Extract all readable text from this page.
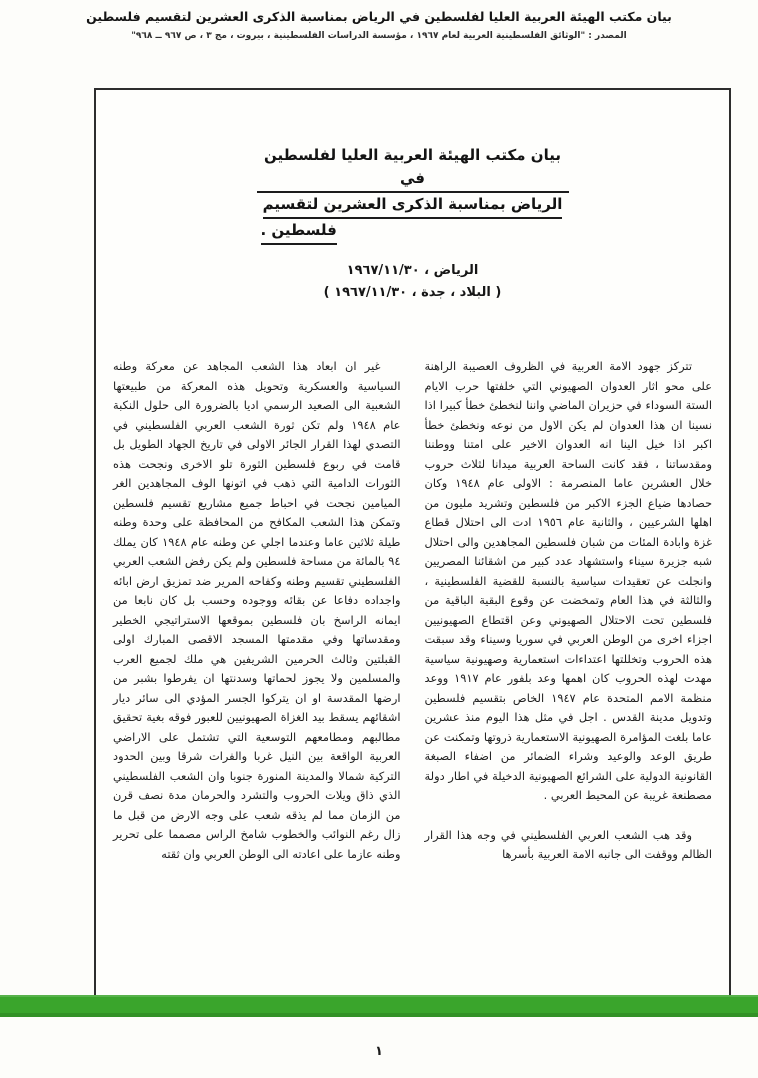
بيان مكتب الهيئة العربية العليا لفلسطين في الرياض بمناسبة الذكرى العشرين لتقسيم فلسطين
المصدر : "الوثائق الفلسطينية العربية لعام ١٩٦٧ ، مؤسسة الدراسات الفلسطينية ، بيروت ، مج ٣ ، ص ٩٦٧ ــ ٩٦٨"
بيان مكتب الهيئة العربية العليا لفلسطين في
الرياض بمناسبة الذكرى العشرين لتقسيم
فلسطين .
الرياض ، ١٩٦٧/١١/٣٠
( البلاد ، جدة ، ١٩٦٧/١١/٣٠ )

تتركز جهود الامة العربية في الظروف العصيبة الراهنة على محو اثار العدوان الصهيوني التي خلفتها حرب الايام الستة السوداء في حزيران الماضي واننا لنخطئ خطأ كبيرا اذا نسينا ان هذا العدوان لم يكن الاول من نوعه ونخطئ خطأ اكبر اذا خيل الينا انه العدوان الاخير على امتنا ووطننا ومقدساتنا ، فقد كانت الساحة العربية ميدانا لثلاث حروب خلال العشرين عاما المنصرمة : الاولى عام ١٩٤٨ وكان حصادها ضياع الجزء الاكبر من فلسطين وتشريد مليون من اهلها الشرعيين ، والثانية عام ١٩٥٦ ادت الى احتلال قطاع غزة وابادة المئات من شبان فلسطين المجاهدين والى احتلال شبه جزيرة سيناء واستشهاد عدد كبير من اشقائنا المصريين وانجلت عن تعقيدات سياسية بالنسبة للقضية الفلسطينية ، والثالثة في هذا العام وتمخضت عن وقوع البقية الباقية من فلسطين تحت الاحتلال الصهيوني وعن اقتطاع الصهيونيين اجزاء اخرى من الوطن العربي في سوريا وسيناء وقد سبقت هذه الحروب وتخللتها اعتداءات استعمارية وصهيونية سياسية مهدت لهذه الحروب كان اهمها وعد بلفور عام ١٩١٧ ووعد منظمة الامم المتحدة عام ١٩٤٧ الخاص بتقسيم فلسطين وتدويل مدينة القدس . اجل في مثل هذا اليوم منذ عشرين عاما بلغت المؤامرة الصهيونية الاستعمارية ذروتها وتمكنت عن طريق الوعد والوعيد وشراء الضمائر من اضفاء الصبغة القانونية الدولية على الشرائع الصهيونية الدخيلة في اطار دولة مصطنعة غريبة عن المحيط العربي .

وقد هب الشعب العربي الفلسطيني في وجه هذا القرار الظالم ووقفت الى جانبه الامة العربية بأسرها

غير ان ابعاد هذا الشعب المجاهد عن معركة وطنه السياسية والعسكرية وتحويل هذه المعركة من طبيعتها الشعبية الى الصعيد الرسمي اديا بالضرورة الى حلول النكبة عام ١٩٤٨ ولم تكن ثورة الشعب العربي الفلسطيني في التصدي لهذا القرار الجائر الاولى في تاريخ الجهاد الطويل بل قامت في ربوع فلسطين الثورة تلو الاخرى ونجحت هذه الثورات الدامية التي ذهب في اتونها الوف المجاهدين الغر الميامين نجحت في احباط جميع مشاريع تقسيم فلسطين وتمكن هذا الشعب المكافح من المحافظة على وحدة وطنه طيلة ثلاثين عاما وعندما اجلي عن وطنه عام ١٩٤٨ كان يملك ٩٤ بالمائة من مساحة فلسطين ولم يكن رفض الشعب العربي الفلسطيني تقسيم وطنه وكفاحه المرير ضد تمزيق ارض ابائه واجداده دفاعا عن بقائه ووجوده وحسب بل كان نابعا من ايمانه الراسخ بان فلسطين بموقعها الاستراتيجي الخطير ومقدساتها وفي مقدمتها المسجد الاقصى المبارك اولى القبلتين وثالث الحرمين الشريفين هي ملك لجميع العرب والمسلمين ولا يجوز لحماتها وسدنتها ان يفرطوا بشبر من ارضها المقدسة او ان يتركوا الجسر المؤدي الى سائر ديار اشقائهم يسقط بيد الغزاة الصهيونيين للعبور فوقه بغية تحقيق مطالبهم ومطامعهم التوسعية التي تشتمل على الاراضي العربية الواقعة بين النيل غربا والفرات شرقا وبين الحدود التركية شمالا والمدينة المنورة جنوبا وان الشعب الفلسطيني الذي ذاق ويلات الحروب والتشرد والحرمان مدة نصف قرن من الزمان مما لم يذقه شعب على وجه الارض من قبل ما زال رغم النوائب والخطوب شامخ الراس مصمما على تحرير وطنه عازما على اعادته الى الوطن العربي وان ثقته

١
